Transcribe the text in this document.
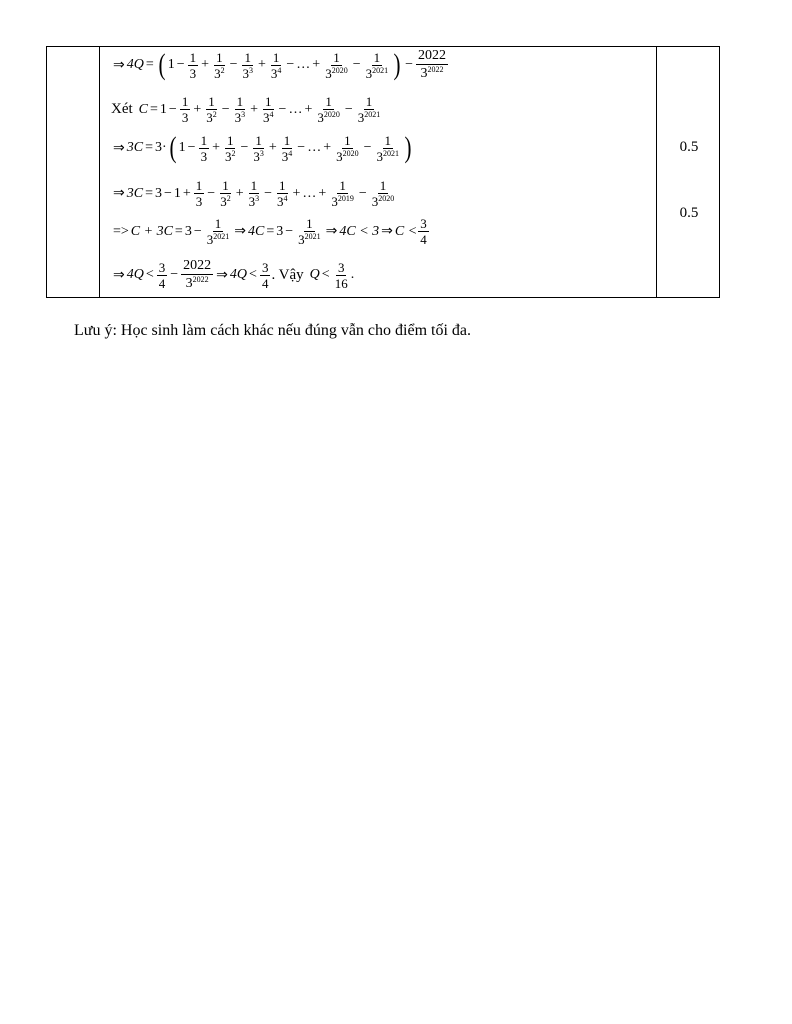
⇒ 4Q = ( $1 - \frac{1}{3} + \frac{1}{3^2} - \frac{1}{3^3} + \frac{1}{3^4}$ − … + $\frac{1}{3^{2020}} - \frac{1}{3^{2021}}$ ) − $\frac{2022}{3^{2022}}$
Xét $C = 1 - \frac{1}{3} + \frac{1}{3^2} - \frac{1}{3^3} + \frac{1}{3^4}$ − … + $\frac{1}{3^{2020}} - \frac{1}{3^{2021}}$
⇒ 3C = 3 · ( $1 - \frac{1}{3} + \frac{1}{3^2} - \frac{1}{3^3} + \frac{1}{3^4}$ − … + $\frac{1}{3^{2020}} - \frac{1}{3^{2021}}$ )
⇒ $3C = 3 - 1 + \frac{1}{3} - \frac{1}{3^2} + \frac{1}{3^3} - \frac{1}{3^4}$ + … + $\frac{1}{3^{2019}} - \frac{1}{3^{2020}}$
=> $C + 3C = 3 - \frac{1}{3^{2021}}$ ⇒ $4C = 3 - \frac{1}{3^{2021}}$ ⇒ 4C < 3 ⇒ $C < \frac{3}{4}$
⇒ $4Q < \frac{3}{4} - \frac{2022}{3^{2022}}$ ⇒ $4Q < \frac{3}{4}$ . Vậy $Q < \frac{3}{16}$ .
0.5
0.5
Lưu ý: Học sinh làm cách khác nếu đúng vẫn cho điểm tối đa.
